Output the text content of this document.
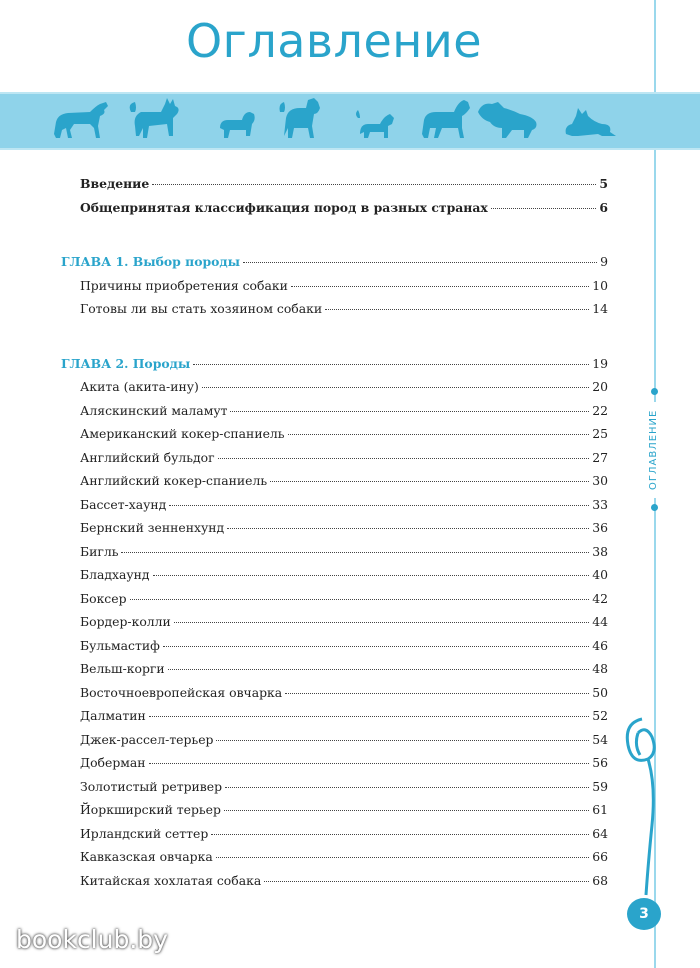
Оглавление
Введение	5
Общепринятая классификация пород в разных странах	6
ГЛАВА 1. Выбор породы	9
Причины приобретения собаки	10
Готовы ли вы стать хозяином собаки	14
ГЛАВА 2. Породы	19
Акита (акита-ину)	20
Аляскинский маламут	22
Американский кокер-спаниель	25
Английский бульдог	27
Английский кокер-спаниель	30
Бассет-хаунд	33
Бернский зенненхунд	36
Бигль	38
Бладхаунд	40
Боксер	42
Бордер-колли	44
Бульмастиф	46
Вельш-корги	48
Восточноевропейская овчарка	50
Далматин	52
Джек-рассел-терьер	54
Доберман	56
Золотистый ретривер	59
Йоркширский терьер	61
Ирландский сеттер	64
Кавказская овчарка	66
Китайская хохлатая собака	68
ОГЛАВЛЕНИЕ
3
bookclub.by
